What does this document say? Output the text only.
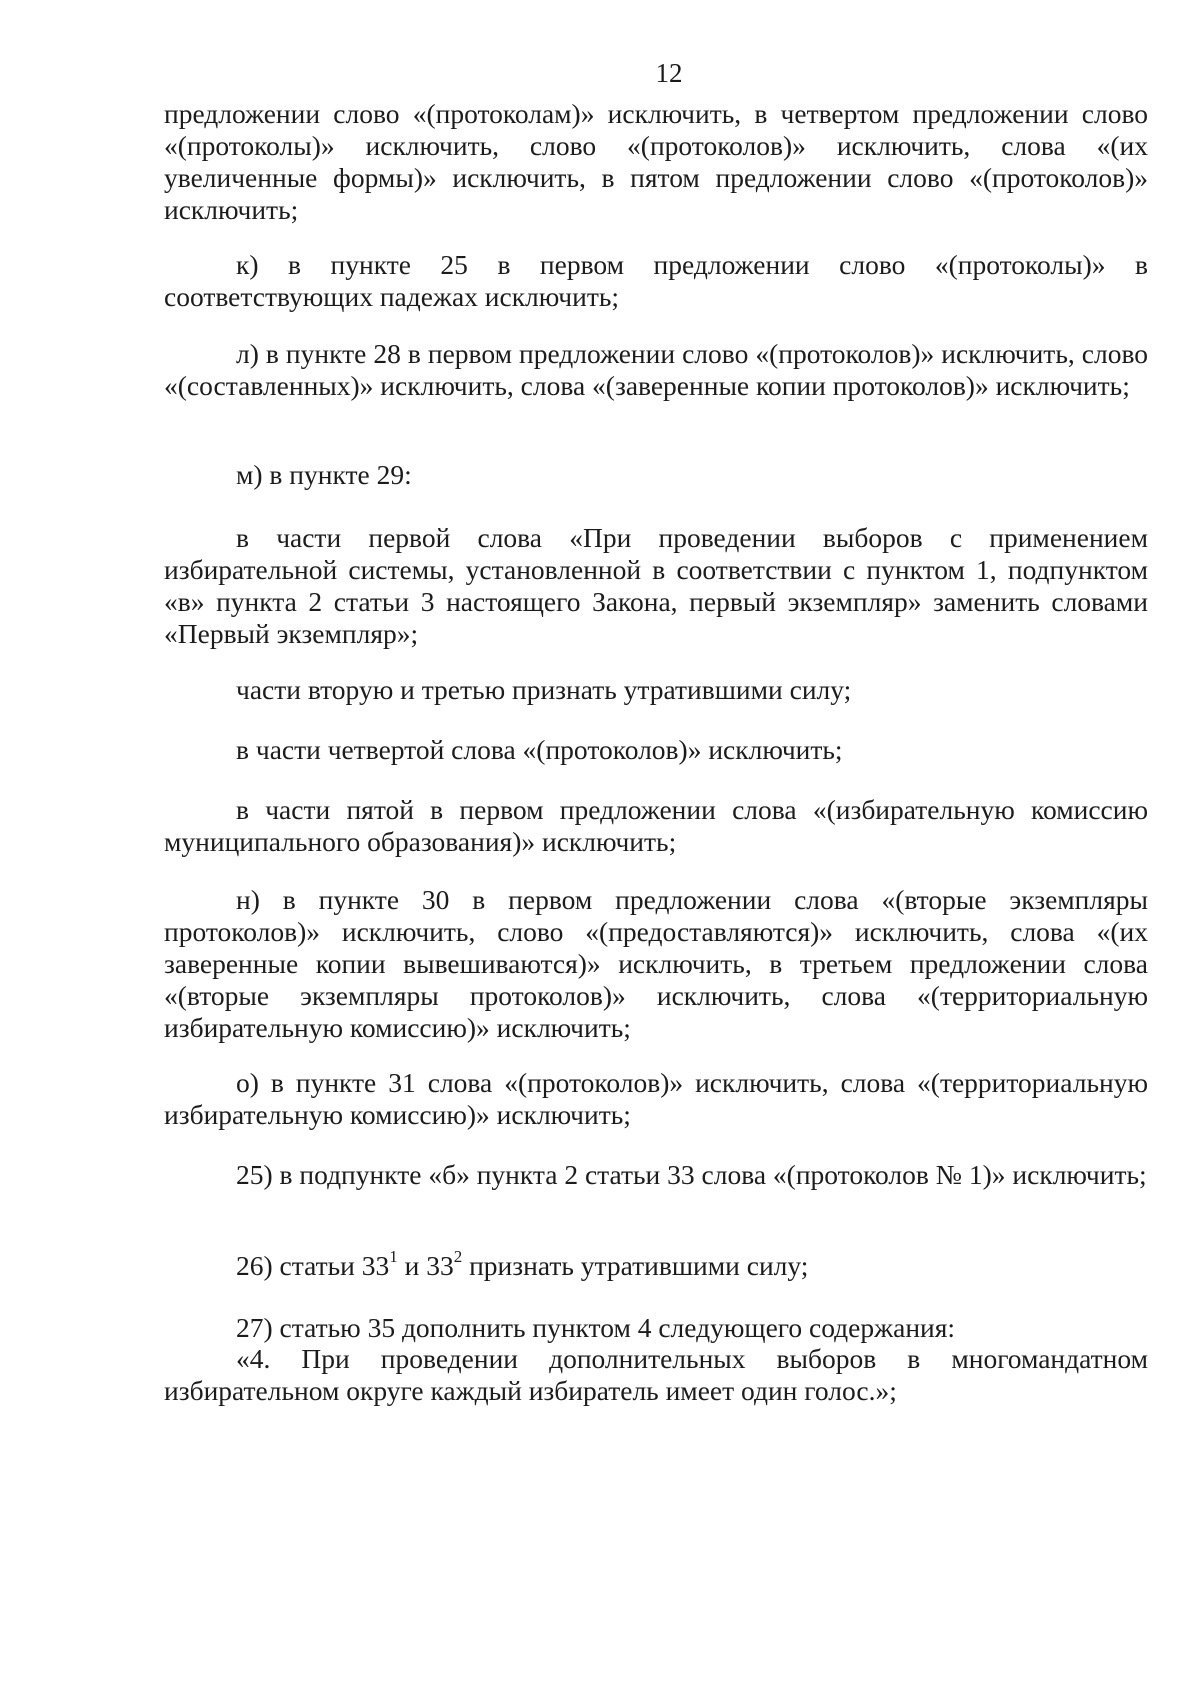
12

предложении слово «(протоколам)» исключить, в четвертом предложении слово «(протоколы)» исключить, слово «(протоколов)» исключить, слова «(их увеличенные формы)» исключить, в пятом предложении слово «(протоколов)» исключить;

к) в пункте 25 в первом предложении слово «(протоколы)» в соответствующих падежах исключить;

л) в пункте 28 в первом предложении слово «(протоколов)» исключить, слово «(составленных)» исключить, слова «(заверенные копии протоколов)» исключить;

м) в пункте 29:

в части первой слова «При проведении выборов с применением избирательной системы, установленной в соответствии с пунктом 1, подпунктом «в» пункта 2 статьи 3 настоящего Закона, первый экземпляр» заменить словами «Первый экземпляр»;

части вторую и третью признать утратившими силу;

в части четвертой слова «(протоколов)» исключить;

в части пятой в первом предложении слова «(избирательную комиссию муниципального образования)» исключить;

н) в пункте 30 в первом предложении слова «(вторые экземпляры протоколов)» исключить, слово «(предоставляются)» исключить, слова «(их заверенные копии вывешиваются)» исключить, в третьем предложении слова «(вторые экземпляры протоколов)» исключить, слова «(территориальную избирательную комиссию)» исключить;

о) в пункте 31 слова «(протоколов)» исключить, слова «(территориальную избирательную комиссию)» исключить;

25) в подпункте «б» пункта 2 статьи 33 слова «(протоколов № 1)» исключить;

26) статьи $33^1$ и $33^2$ признать утратившими силу;

27) статью 35 дополнить пунктом 4 следующего содержания:

«4. При проведении дополнительных выборов в многомандатном избирательном округе каждый избиратель имеет один голос.»;
